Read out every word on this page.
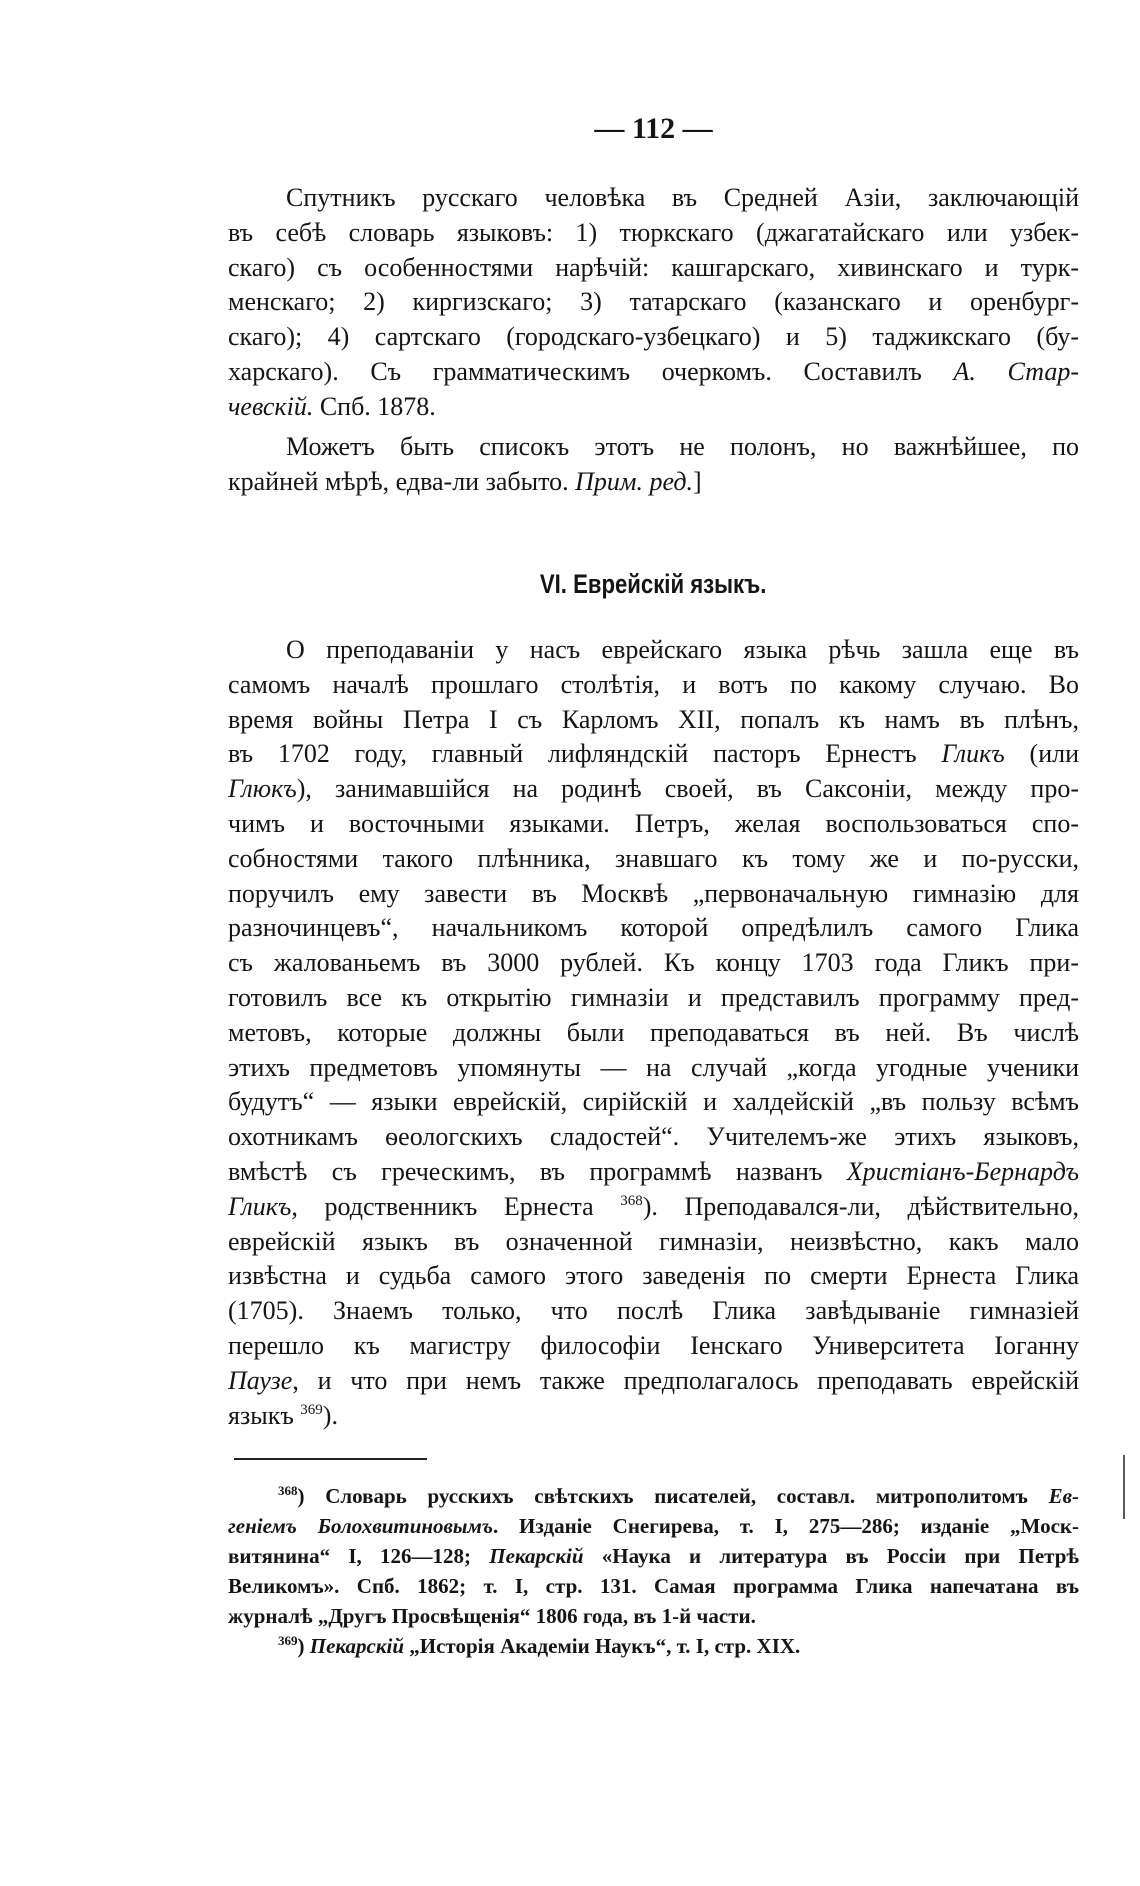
— 112 —
Спутникъ русскаго человѣка въ Средней Азіи, заключающій
въ себѣ словарь языковъ: 1) тюркскаго (джагатайскаго или узбек-
скаго) съ особенностями нарѣчій: кашгарскаго, хивинскаго и турк-
менскаго; 2) киргизскаго; 3) татарскаго (казанскаго и оренбург-
скаго); 4) сартскаго (городскаго-узбецкаго) и 5) таджикскаго (бу-
харскаго). Съ грамматическимъ очеркомъ. Составилъ А. Стар-
чевскій. Спб. 1878.
Можетъ быть списокъ этотъ не полонъ, но важнѣйшее, по
крайней мѣрѣ, едва-ли забыто. Прим. ред.]
VI. Еврейскій языкъ.
О преподаваніи у насъ еврейскаго языка рѣчь зашла еще въ
самомъ началѣ прошлаго столѣтія, и вотъ по какому случаю. Во
время войны Петра I съ Карломъ XII, попалъ къ намъ въ плѣнъ,
въ 1702 году, главный лифляндскій пасторъ Ернестъ Гликъ (или
Глюкъ), занимавшійся на родинѣ своей, въ Саксоніи, между про-
чимъ и восточными языками. Петръ, желая воспользоваться спо-
собностями такого плѣнника, знавшаго къ тому же и по-русски,
поручилъ ему завести въ Москвѣ „первоначальную гимназію для
разночинцевъ“, начальникомъ которой опредѣлилъ самого Глика
съ жалованьемъ въ 3000 рублей. Къ концу 1703 года Гликъ при-
готовилъ все къ открытію гимназіи и представилъ программу пред-
метовъ, которые должны были преподаваться въ ней. Въ числѣ
этихъ предметовъ упомянуты — на случай „когда угодные ученики
будутъ“ — языки еврейскій, сирійскій и халдейскій „въ пользу всѣмъ
охотникамъ ѳеологскихъ сладостей“. Учителемъ-же этихъ языковъ,
вмѣстѣ съ греческимъ, въ программѣ названъ Христіанъ-Бернардъ
Гликъ, родственникъ Ернеста $^{368}$). Преподавался-ли, дѣйствительно,
еврейскій языкъ въ означенной гимназіи, неизвѣстно, какъ мало
извѣстна и судьба самого этого заведенія по смерти Ернеста Глика
(1705). Знаемъ только, что послѣ Глика завѣдываніе гимназіей
перешло къ магистру философіи Іенскаго Университета Іоганну
Паузе, и что при немъ также предполагалось преподавать еврейскій
языкъ $^{369}$).
$^{368}$) Словарь русскихъ свѣтскихъ писателей, составл. митрополитомъ Ев-
геніемъ Болохвитиновымъ. Изданіе Снегирева, т. I, 275—286; изданіе „Моск-
витянина“ I, 126—128; Пекарскій «Наука и литература въ Россіи при Петрѣ
Великомъ». Спб. 1862; т. I, стр. 131. Самая программа Глика напечатана въ
журналѣ „Другъ Просвѣщенія“ 1806 года, въ 1-й части.
$^{369}$) Пекарскій „Исторія Академіи Наукъ“, т. I, стр. XIX.
